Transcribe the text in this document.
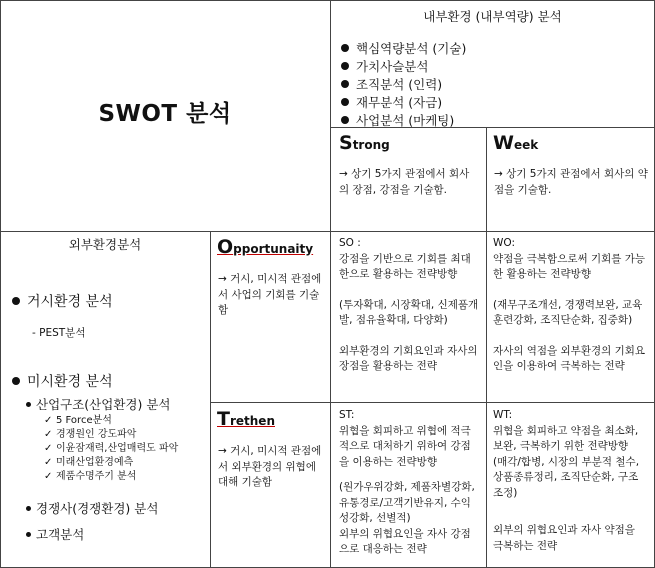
SWOT 분석
내부환경 (내부역량) 분석
핵심역량분석 (기술)
가치사슬분석
조직분석 (인력)
재무분석 (자금)
사업분석 (마케팅)
Strong
→ 상기 5가지 관점에서 회사의 장점, 강점을 기술함.
Week
→ 상기 5가지 관점에서 회사의 약점을 기술함.
외부환경분석
거시환경 분석
- PEST분석
미시환경 분석
산업구조(산업환경) 분석
✓ 5 Force분석
✓ 경쟁원인 강도파악
✓ 이윤잠재력,산업매력도 파악
✓ 미래산업환경예측
✓ 제품수명주기 분석
경쟁사(경쟁환경) 분석
고객분석
Opportunaity
→ 거시, 미시적 관점에서 사업의 기회를 기술함
Trethen
→ 거시, 미시적 관점에서 외부환경의 위협에 대해 기술함

SO :

강점을 기반으로 기회를 최대한으로 활용하는 전략방향

(투자확대, 시장확대, 신제품개발, 점유율확대, 다양화)

외부환경의 기회요인과 자사의 장점을 활용하는 전략

WO:

약점을 극복함으로써 기회를 가능한 활용하는 전략방향

(재무구조개선, 경쟁력보완, 교육훈련강화, 조직단순화, 집중화)

자사의 역점을 외부환경의 기회요인을 이용하여 극복하는 전략

ST:

위협을 회피하고 위협에 적극적으로 대처하기 위하여 강점을 이용하는 전략방향

(원가우위강화, 제품차별강화, 유통경로/고객기반유지, 수익성강화, 선별적)

외부의 위협요인을 자사 강점으로 대응하는 전략

WT:

위협을 회피하고 약점을 최소화, 보완, 극복하기 위한 전략방향

(매각/합병, 시장의 부분적 철수, 상품종류정리, 조직단순화, 구조조정)

외부의 위협요인과 자사 약점을 극복하는 전략
